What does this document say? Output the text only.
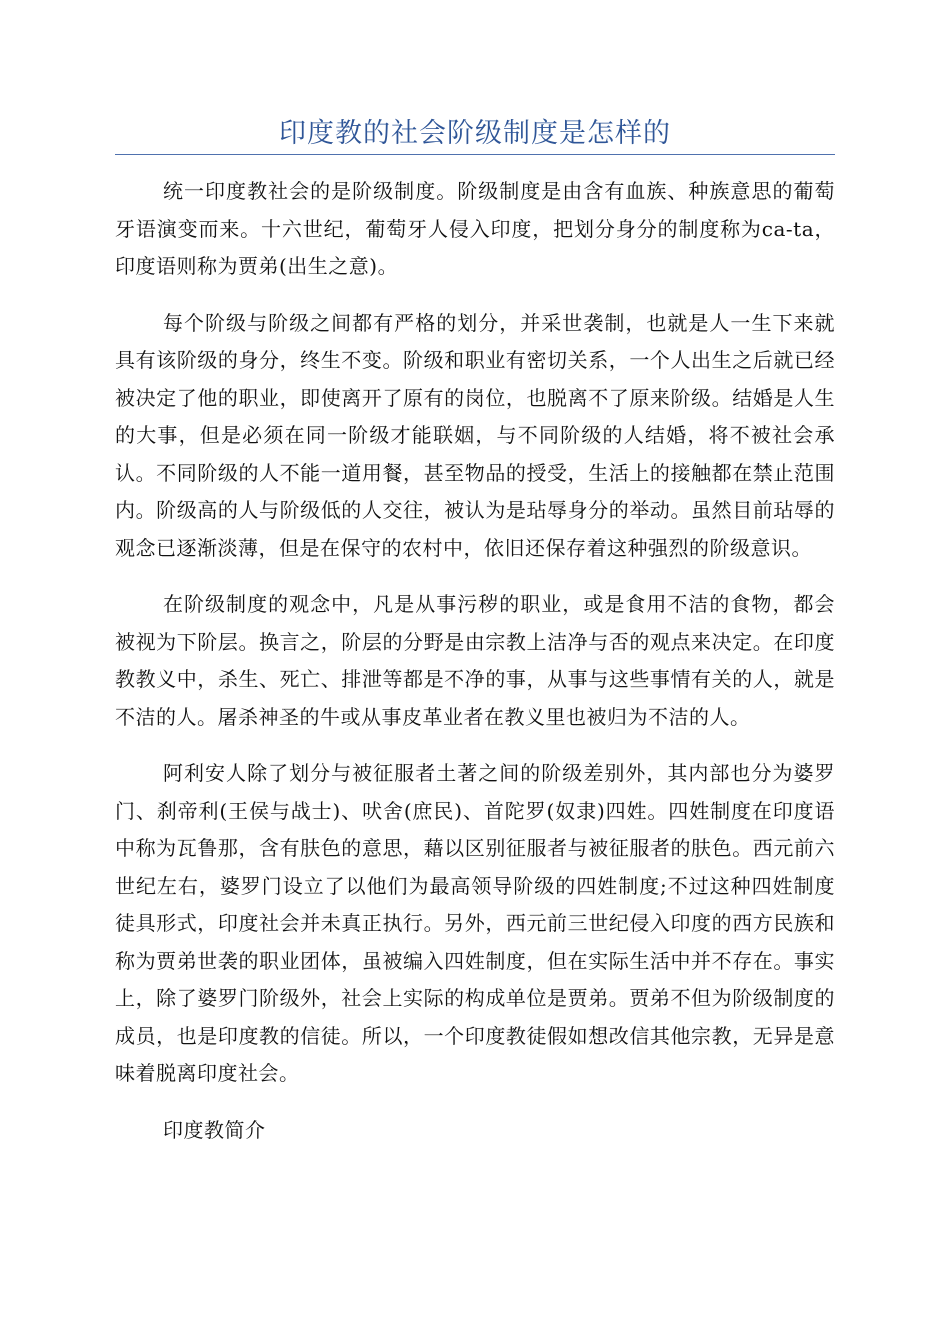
印度教的社会阶级制度是怎样的

统一印度教社会的是阶级制度。阶级制度是由含有血族、种族意思的葡萄牙语演变而来。十六世纪，葡萄牙人侵入印度，把划分身分的制度称为ca-ta，印度语则称为贾弟(出生之意)。

每个阶级与阶级之间都有严格的划分，并采世袭制，也就是人一生下来就具有该阶级的身分，终生不变。阶级和职业有密切关系，一个人出生之后就已经被决定了他的职业，即使离开了原有的岗位，也脱离不了原来阶级。结婚是人生的大事，但是必须在同一阶级才能联姻，与不同阶级的人结婚，将不被社会承认。不同阶级的人不能一道用餐，甚至物品的授受，生活上的接触都在禁止范围内。阶级高的人与阶级低的人交往，被认为是玷辱身分的举动。虽然目前玷辱的观念已逐渐淡薄，但是在保守的农村中，依旧还保存着这种强烈的阶级意识。

在阶级制度的观念中，凡是从事污秽的职业，或是食用不洁的食物，都会被视为下阶层。换言之，阶层的分野是由宗教上洁净与否的观点来决定。在印度教教义中，杀生、死亡、排泄等都是不净的事，从事与这些事情有关的人，就是不洁的人。屠杀神圣的牛或从事皮革业者在教义里也被归为不洁的人。

阿利安人除了划分与被征服者土著之间的阶级差别外，其内部也分为婆罗门、刹帝利(王侯与战士)、吠舍(庶民)、首陀罗(奴隶)四姓。四姓制度在印度语中称为瓦鲁那，含有肤色的意思，藉以区别征服者与被征服者的肤色。西元前六世纪左右，婆罗门设立了以他们为最高领导阶级的四姓制度;不过这种四姓制度徒具形式，印度社会并未真正执行。另外，西元前三世纪侵入印度的西方民族和称为贾弟世袭的职业团体，虽被编入四姓制度，但在实际生活中并不存在。事实上，除了婆罗门阶级外，社会上实际的构成单位是贾弟。贾弟不但为阶级制度的成员，也是印度教的信徒。所以，一个印度教徒假如想改信其他宗教，无异是意味着脱离印度社会。

印度教简介
